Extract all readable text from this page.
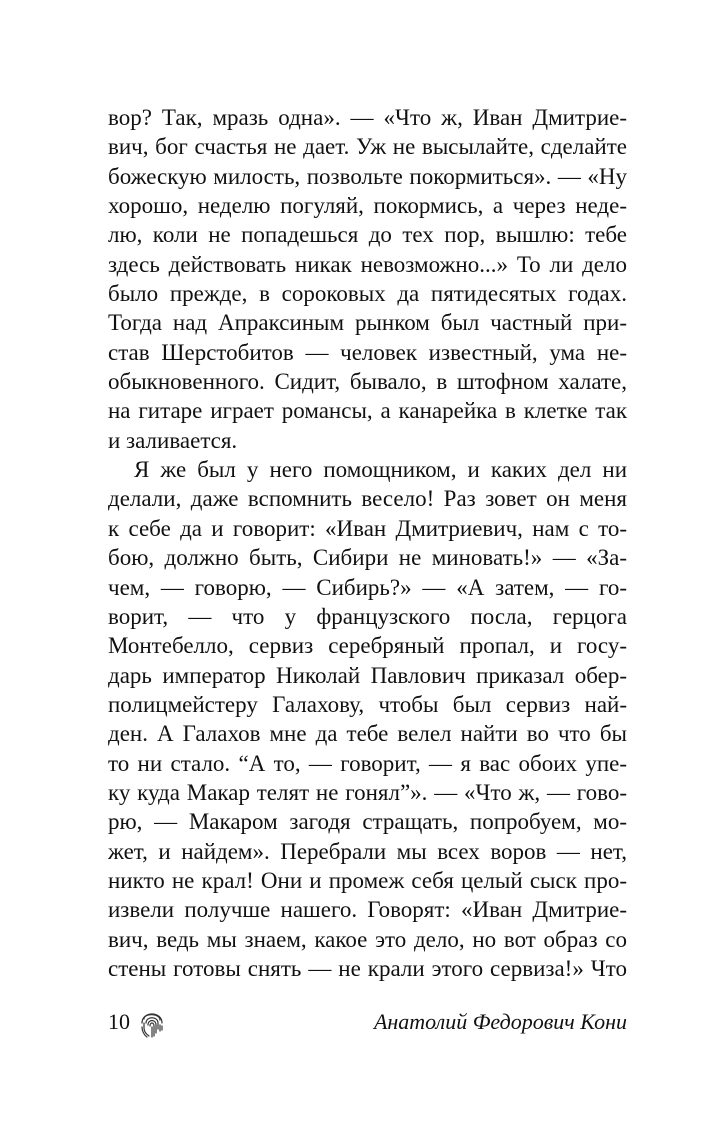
вор? Так, мразь одна». — «Что ж, Иван Дмитрие-
вич, бог счастья не дает. Уж не высылайте, сделайте
божескую милость, позвольте покормиться». — «Ну
хорошо, неделю погуляй, покормись, а через неде-
лю, коли не попадешься до тех пор, вышлю: тебе
здесь действовать никак невозможно...» То ли дело
было прежде, в сороковых да пятидесятых годах.
Тогда над Апраксиным рынком был частный при-
став Шерстобитов — человек известный, ума не-
обыкновенного. Сидит, бывало, в штофном халате,
на гитаре играет романсы, а канарейка в клетке так
и заливается.
Я же был у него помощником, и каких дел ни
делали, даже вспомнить весело! Раз зовет он меня
к себе да и говорит: «Иван Дмитриевич, нам с то-
бою, должно быть, Сибири не миновать!» — «За-
чем, — говорю, — Сибирь?» — «А затем, — го-
ворит, — что у французского посла, герцога
Монтебелло, сервиз серебряный пропал, и госу-
дарь император Николай Павлович приказал обер-
полицмейстеру Галахову, чтобы был сервиз най-
ден. А Галахов мне да тебе велел найти во что бы
то ни стало. “А то, — говорит, — я вас обоих упе-
ку куда Макар телят не гонял”». — «Что ж, — гово-
рю, — Макаром загодя стращать, попробуем, мо-
жет, и найдем». Перебрали мы всех воров — нет,
никто не крал! Они и промеж себя целый сыск про-
извели получше нашего. Говорят: «Иван Дмитрие-
вич, ведь мы знаем, какое это дело, но вот образ со
стены готовы снять — не крали этого сервиза!» Что
10	Анатолий Федорович Кони
